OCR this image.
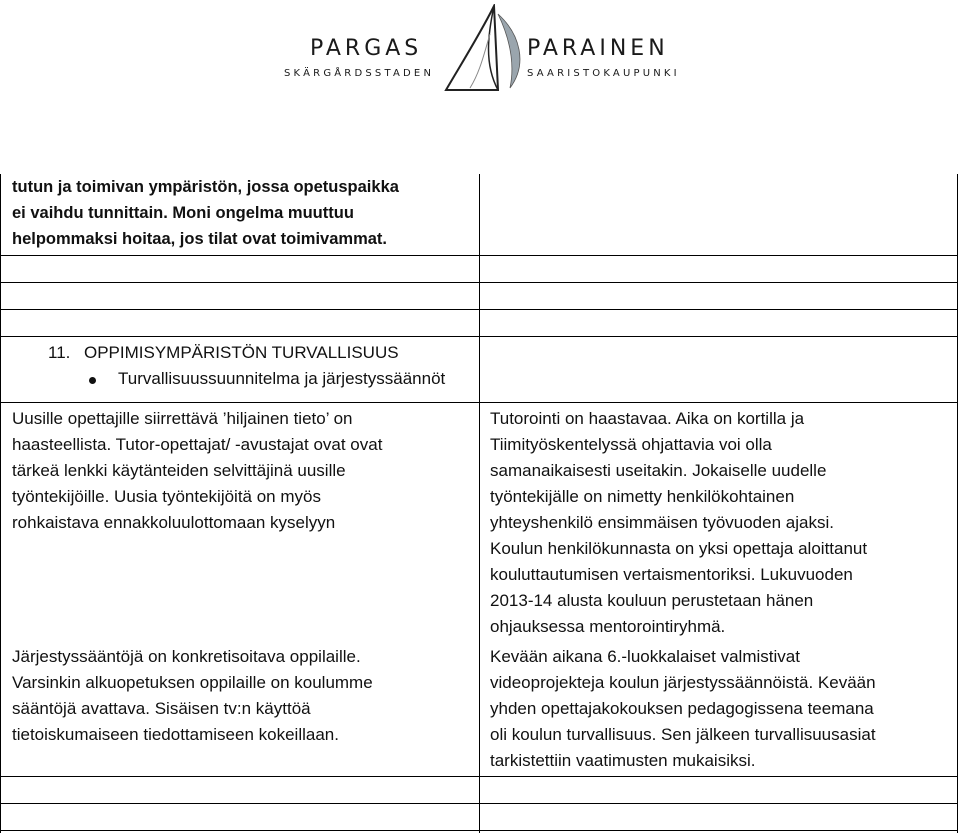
PARGAS
SKÄRGÅRDSSTADEN
PARAINEN
SAARISTOKAUPUNKI
tutun ja toimivan ympäristön, jossa opetuspaikka
ei vaihdu tunnittain. Moni ongelma muuttuu
helpommaksi hoitaa, jos tilat ovat toimivammat.
11. OPPIMISYMPÄRISTÖN TURVALLISUUS
Turvallisuussuunnitelma ja järjestyssäännöt
Uusille opettajille siirrettävä ’hiljainen tieto’ on
haasteellista. Tutor-opettajat/ -avustajat ovat ovat
tärkeä lenkki käytänteiden selvittäjinä uusille
työntekijöille. Uusia työntekijöitä on myös
rohkaistava ennakkoluulottomaan kyselyyn
Tutorointi on haastavaa. Aika on kortilla ja
Tiimityöskentelyssä ohjattavia voi olla
samanaikaisesti useitakin. Jokaiselle uudelle
työntekijälle on nimetty henkilökohtainen
yhteyshenkilö ensimmäisen työvuoden ajaksi.
Koulun henkilökunnasta on yksi opettaja aloittanut
kouluttautumisen vertaismentoriksi. Lukuvuoden
2013-14 alusta kouluun perustetaan hänen
ohjauksessa mentorointiryhmä.
Järjestyssääntöjä on konkretisoitava oppilaille.
Varsinkin alkuopetuksen oppilaille on koulumme
sääntöjä avattava. Sisäisen tv:n käyttöä
tietoiskumaiseen tiedottamiseen kokeillaan.
Kevään aikana 6.-luokkalaiset valmistivat
videoprojekteja koulun järjestyssäännöistä. Kevään
yhden opettajakokouksen pedagogissena teemana
oli koulun turvallisuus. Sen jälkeen turvallisuusasiat
tarkistettiin vaatimusten mukaisiksi.
